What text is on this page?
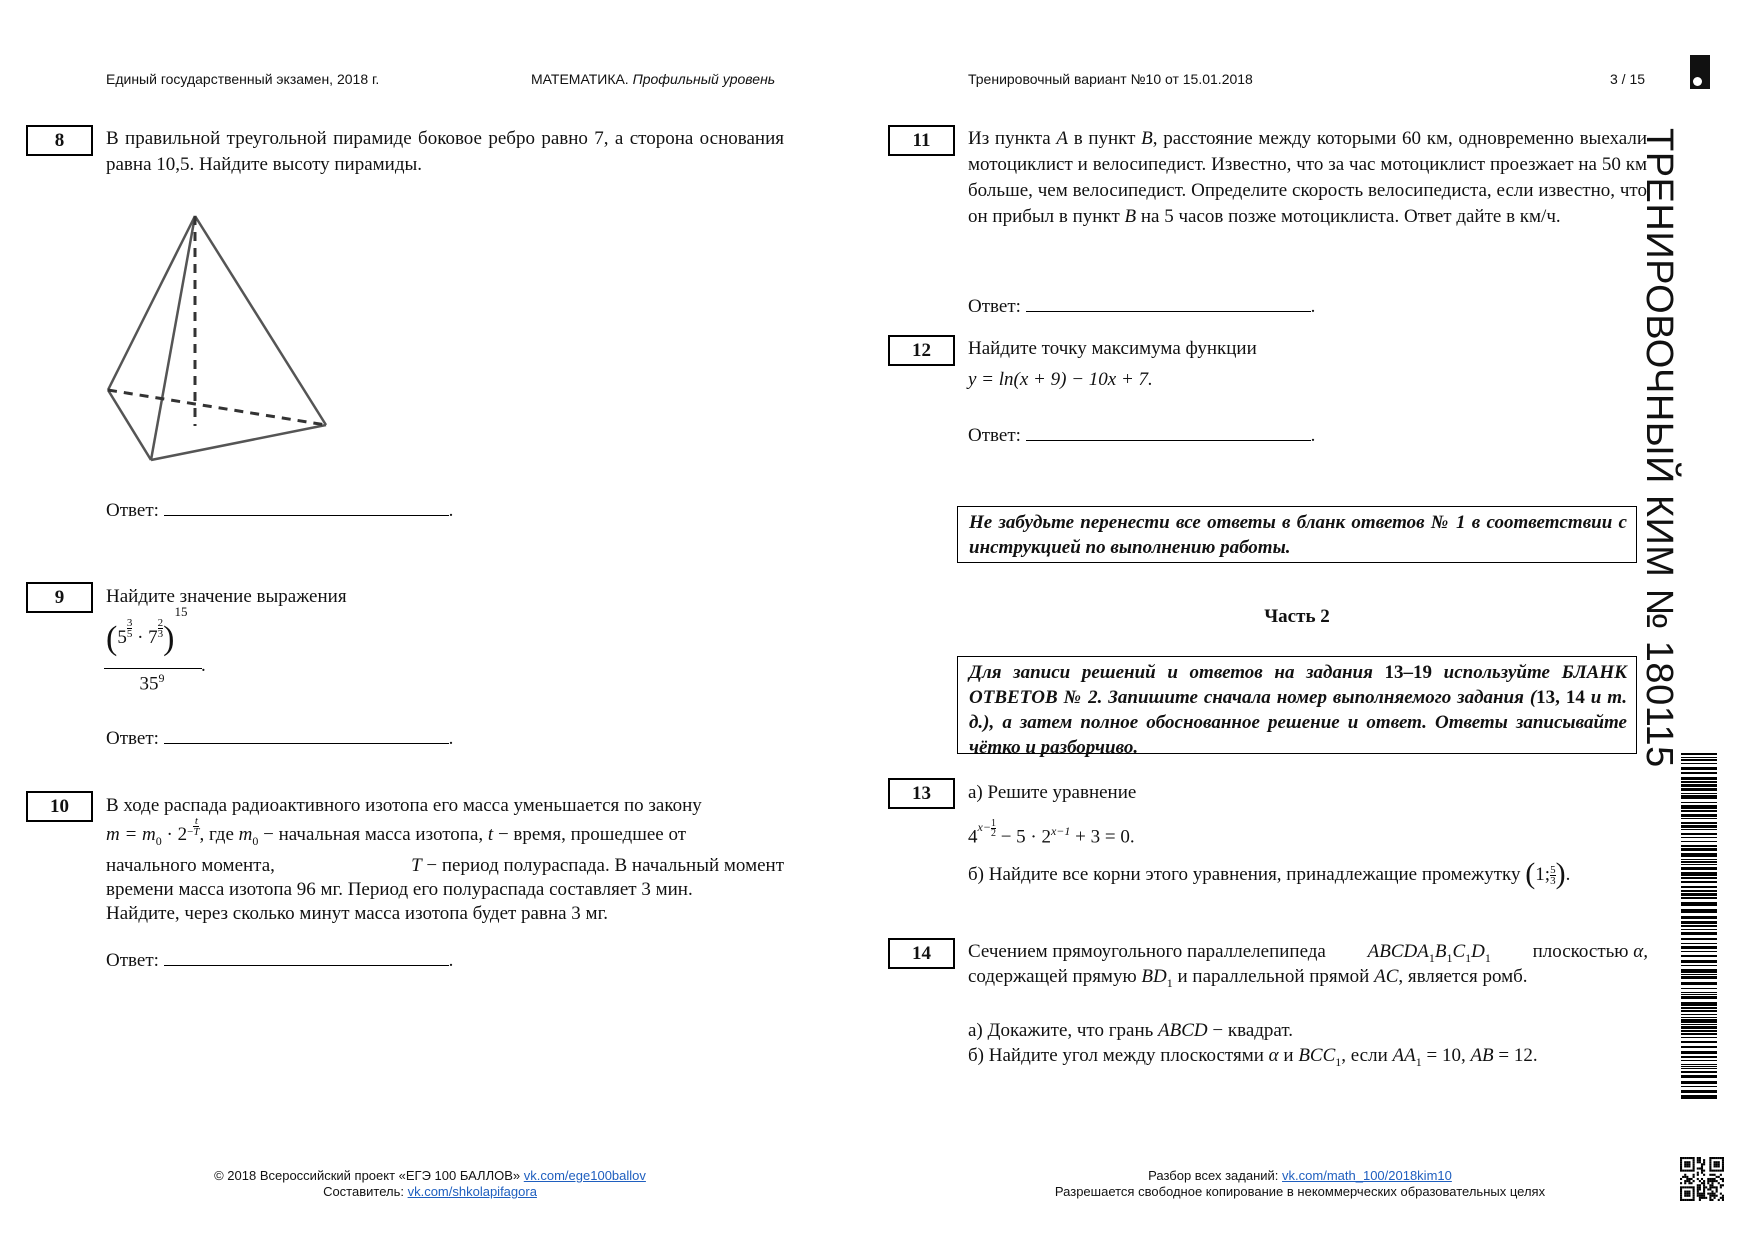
Единый государственный экзамен, 2018 г.	МАТЕМАТИКА. Профильный уровень	Тренировочный вариант №10 от 15.01.2018	3 / 15
ТРЕНИРОВОЧНЫЙ КИМ № 180115
8	В правильной треугольной пирамиде боковое ребро равно 7, а сторона основания равна 10,5. Найдите высоту пирамиды.
Ответ:	.
9	Найдите значение выражения
$(5\frac{3}{5} \cdot 7\frac{2}{3})^{15}$
$35^9$
.
Ответ:	.
10	В ходе распада радиоактивного изотопа его масса уменьшается по закону
$m = m_0 \cdot 2^{-\frac{t}{T}}$, где $m_0$ − начальная масса изотопа, t − время, прошедшее от
начального момента,	T − период полураспада. В начальный момент
времени масса изотопа 96 мг. Период его полураспада составляет 3 мин.
Найдите, через сколько минут масса изотопа будет равна 3 мг.
Ответ:	.
11	Из пункта A в пункт B, расстояние между которыми 60 км, одновременно выехали мотоциклист и велосипедист. Известно, что за час мотоциклист проезжает на 50 км больше, чем велосипедист. Определите скорость велосипедиста, если известно, что он прибыл в пункт B на 5 часов позже мотоциклиста. Ответ дайте в км/ч.
Ответ:	.
12	Найдите точку максимума функции
y = ln(x + 9) − 10x + 7.
Ответ:	.
Не забудьте перенести все ответы в бланк ответов № 1 в соответствии с инструкцией по выполнению работы.
Часть 2
Для записи решений и ответов на задания 13–19 используйте БЛАНК ОТВЕТОВ № 2. Запишите сначала номер выполняемого задания (13, 14 и т. д.), а затем полное обоснованное решение и ответ. Ответы записывайте чётко и разборчиво.
13	а) Решите уравнение
$4^{x-\frac{1}{2}} - 5 \cdot 2^{x-1} + 3 = 0$.
б) Найдите все корни этого уравнения, принадлежащие промежутку $(1;\frac{5}{3})$.
14	Сечением прямоугольного параллелепипеда $ABCDA_1B_1C_1D_1$ плоскостью α,
содержащей прямую $BD_1$ и параллельной прямой AC, является ромб.
а) Докажите, что грань ABCD − квадрат.
б) Найдите угол между плоскостями α и $BCC_1$, если $AA_1 = 10$, AB = 12.
© 2018 Всероссийский проект «ЕГЭ 100 БАЛЛОВ» vk.com/ege100ballov
Составитель: vk.com/shkolapifagora
Разбор всех заданий: vk.com/math_100/2018kim10
Разрешается свободное копирование в некоммерческих образовательных целях
